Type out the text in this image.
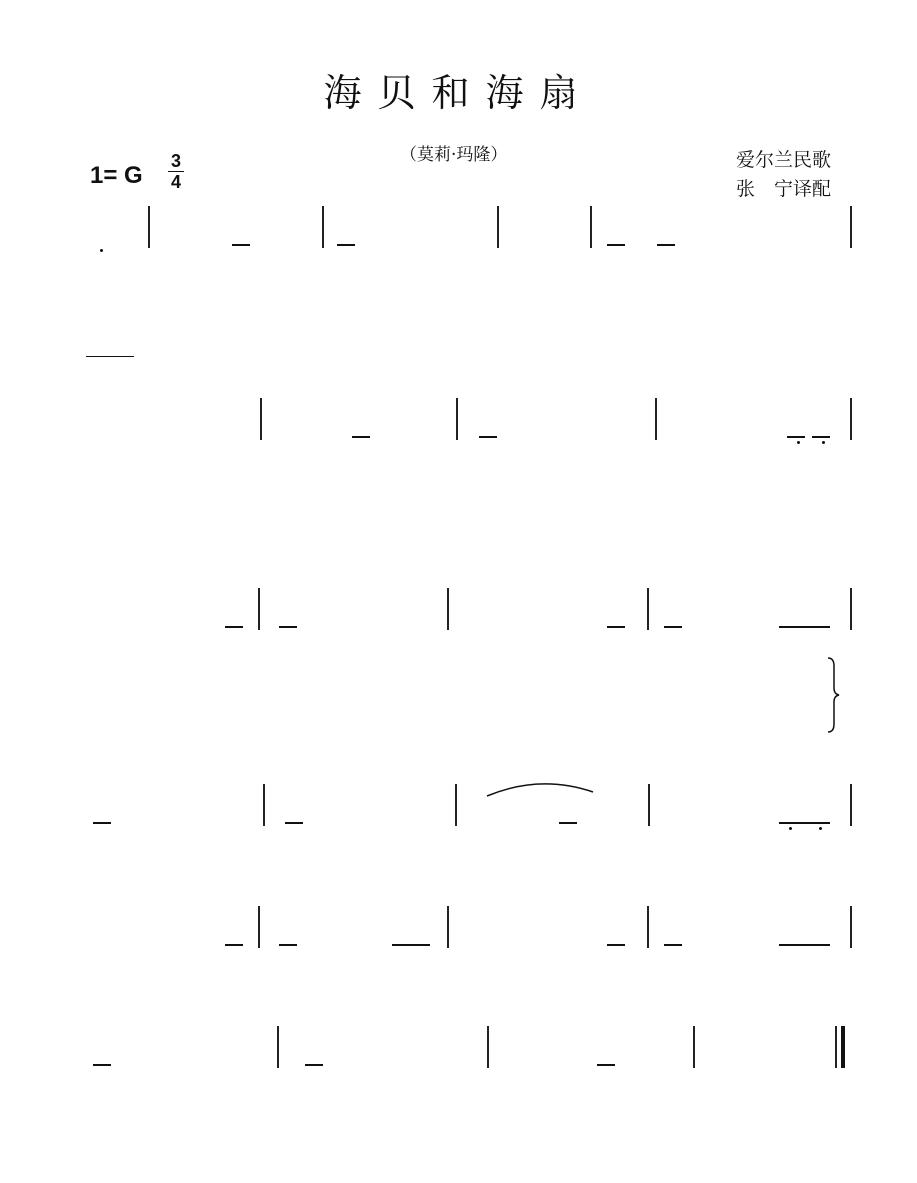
海贝和海扇
（莫莉·玛隆）
1= G
3
4
爱尔兰民歌
张　宁译配
